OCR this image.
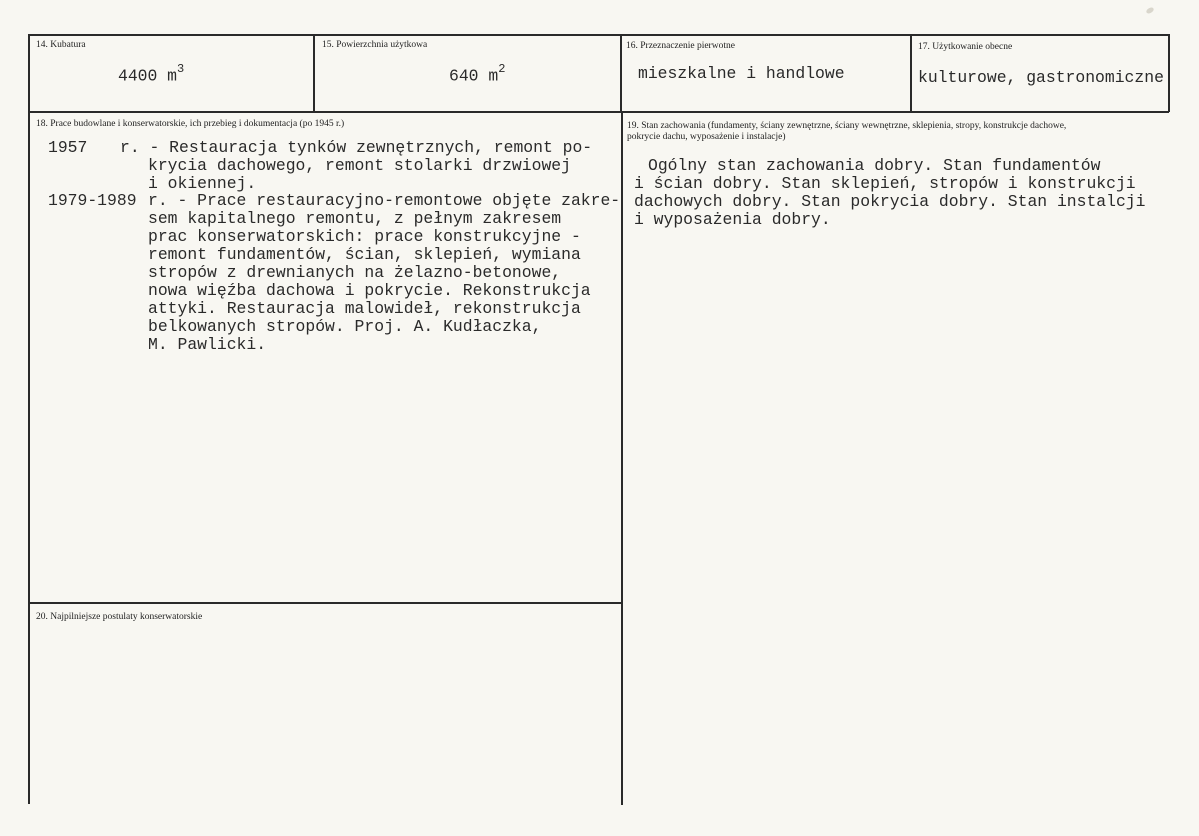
14. Kubatura
4400 $m^3$
15. Powierzchnia użytkowa
640 $m^2$
16. Przeznaczenie pierwotne
mieszkalne i handlowe
17. Użytkowanie obecne
kulturowe, gastronomiczne
18. Prace budowlane i konserwatorskie, ich przebieg i dokumentacja (po 1945 r.)
1957 r. - Restauracja tynków zewnętrznych, remont po-
krycia dachowego, remont stolarki drzwiowej
i okiennej.
1979-1989 r. - Prace restauracyjno-remontowe objęte zakre-
sem kapitalnego remontu, z pełnym zakresem
prac konserwatorskich: prace konstrukcyjne -
remont fundamentów, ścian, sklepień, wymiana
stropów z drewnianych na żelazno-betonowe,
nowa więźba dachowa i pokrycie. Rekonstrukcja
attyki. Restauracja malowideł, rekonstrukcja
belkowanych stropów. Proj. A. Kudłaczka,
M. Pawlicki.
19. Stan zachowania (fundamenty, ściany zewnętrzne, ściany wewnętrzne, sklepienia, stropy, konstrukcje dachowe,
pokrycie dachu, wyposażenie i instalacje)
Ogólny stan zachowania dobry. Stan fundamentów
i ścian dobry. Stan sklepień, stropów i konstrukcji
dachowych dobry. Stan pokrycia dobry. Stan instalcji
i wyposażenia dobry.
20. Najpilniejsze postulaty konserwatorskie
